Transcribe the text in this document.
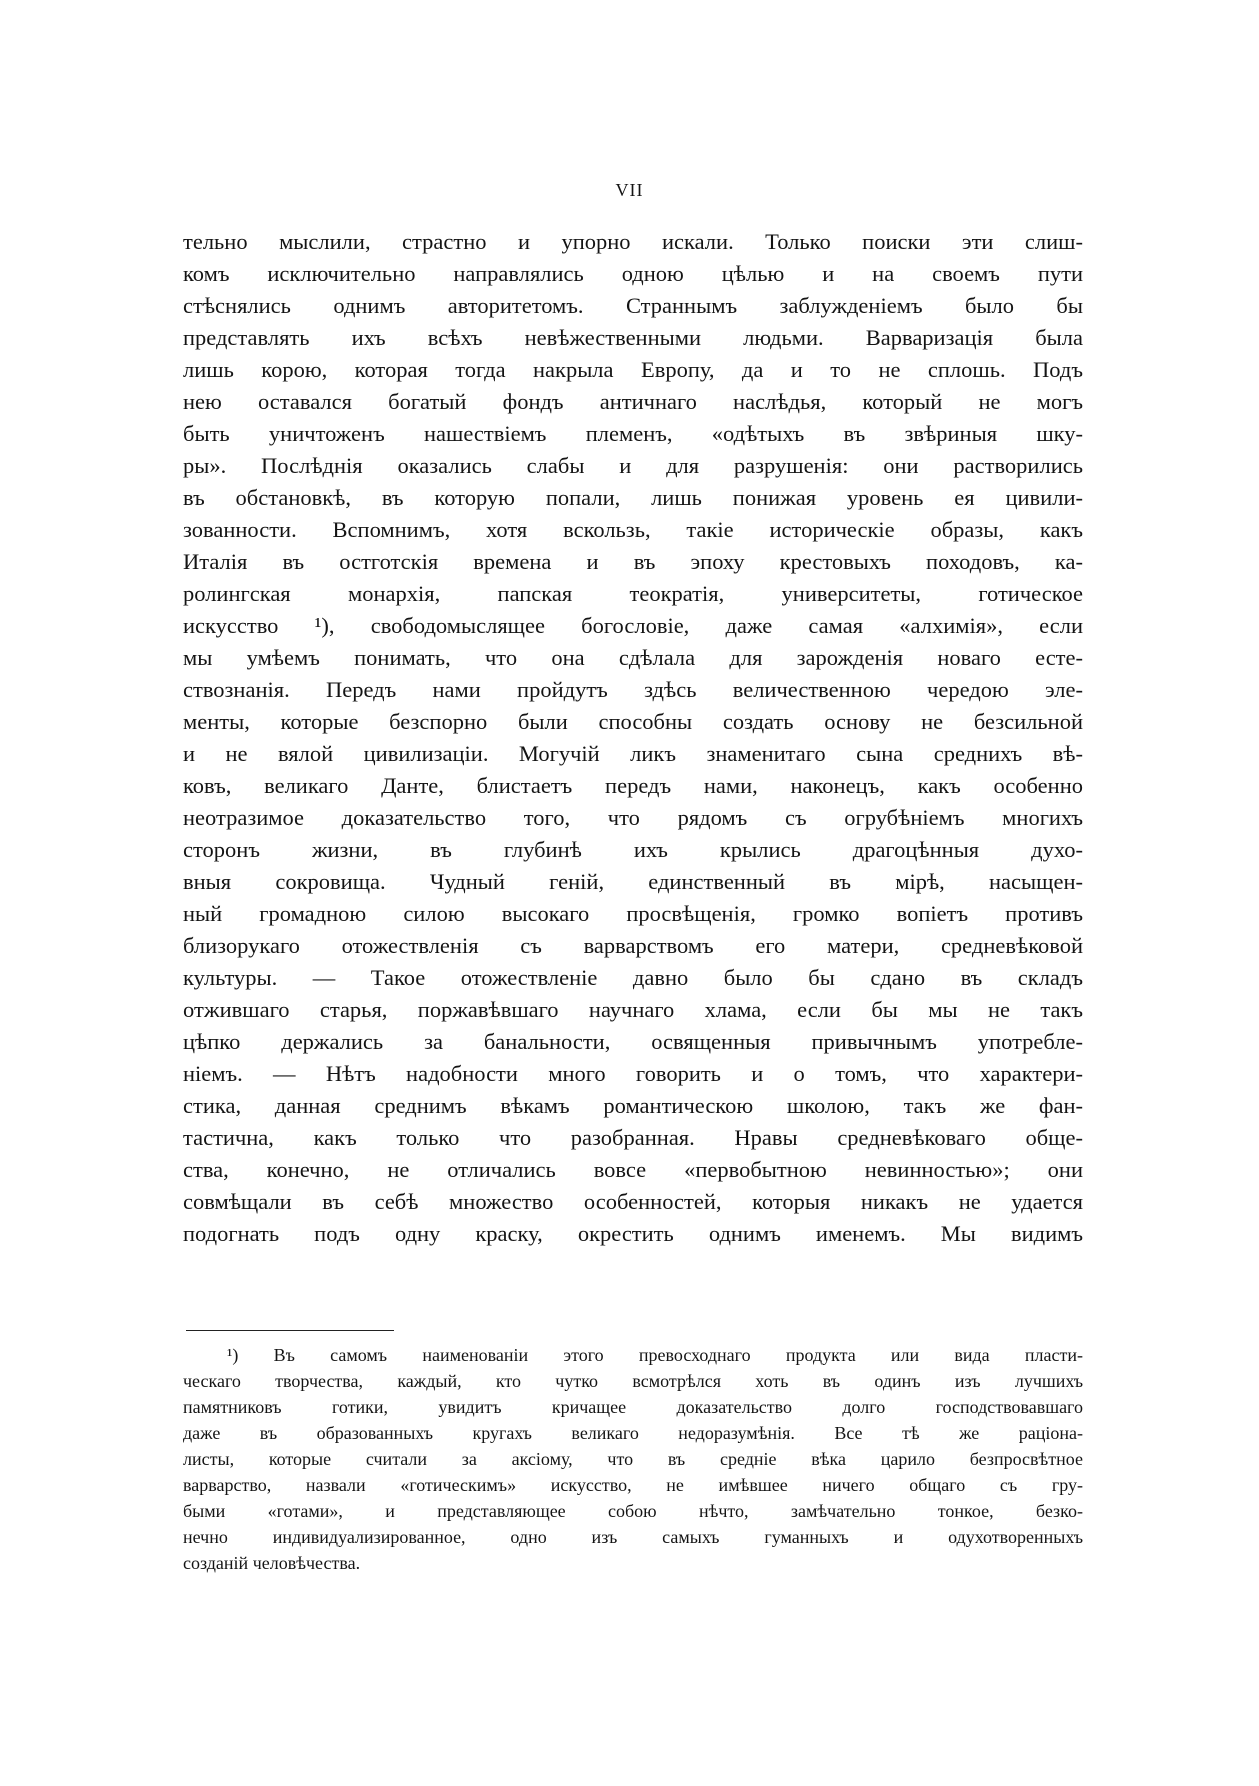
VII
тельно мыслили, страстно и упорно искали. Только поиски эти слиш-
комъ исключительно направлялись одною цѣлью и на своемъ пути
стѣснялись однимъ авторитетомъ. Страннымъ заблужденіемъ было бы
представлять ихъ всѣхъ невѣжественными людьми. Варваризація была
лишь корою, которая тогда накрыла Европу, да и то не сплошь. Подъ
нею оставался богатый фондъ античнаго наслѣдья, который не могъ
быть уничтоженъ нашествіемъ племенъ, «одѣтыхъ въ звѣриныя шку-
ры». Послѣднія оказались слабы и для разрушенія: они растворились
въ обстановкѣ, въ которую попали, лишь понижая уровень ея цивили-
зованности. Вспомнимъ, хотя вскользь, такіе историческіе образы, какъ
Италія въ остготскія времена и въ эпоху крестовыхъ походовъ, ка-
ролингская монархія, папская теократія, университеты, готическое
искусство ¹), свободомыслящее богословіе, даже самая «алхимія», если
мы умѣемъ понимать, что она сдѣлала для зарожденія новаго есте-
ствознанія. Передъ нами пройдутъ здѣсь величественною чередою эле-
менты, которые безспорно были способны создать основу не безсильной
и не вялой цивилизаціи. Могучій ликъ знаменитаго сына среднихъ вѣ-
ковъ, великаго Данте, блистаетъ передъ нами, наконецъ, какъ особенно
неотразимое доказательство того, что рядомъ съ огрубѣніемъ многихъ
сторонъ жизни, въ глубинѣ ихъ крылись драгоцѣнныя духо-
вныя сокровища. Чудный геній, единственный въ мірѣ, насыщен-
ный громадною силою высокаго просвѣщенія, громко вопіетъ противъ
близорукаго отожествленія съ варварствомъ его матери, средневѣковой
культуры. — Такое отожествленіе давно было бы сдано въ складъ
отжившаго старья, поржавѣвшаго научнаго хлама, если бы мы не такъ
цѣпко держались за банальности, освященныя привычнымъ употребле-
ніемъ. — Нѣтъ надобности много говорить и о томъ, что характери-
стика, данная среднимъ вѣкамъ романтическою школою, такъ же фан-
тастична, какъ только что разобранная. Нравы средневѣковаго обще-
ства, конечно, не отличались вовсе «первобытною невинностью»; они
совмѣщали въ себѣ множество особенностей, которыя никакъ не удается
подогнать подъ одну краску, окрестить однимъ именемъ. Мы видимъ
¹) Въ самомъ наименованіи этого превосходнаго продукта или вида пласти-
ческаго творчества, каждый, кто чутко всмотрѣлся хоть въ одинъ изъ лучшихъ
памятниковъ готики, увидитъ кричащее доказательство долго господствовавшаго
даже въ образованныхъ кругахъ великаго недоразумѣнія. Все тѣ же раціона-
листы, которые считали за аксіому, что въ средніе вѣка царило безпросвѣтное
варварство, назвали «готическимъ» искусство, не имѣвшее ничего общаго съ гру-
быми «готами», и представляющее собою нѣчто, замѣчательно тонкое, безко-
нечно индивидуализированное, одно изъ самыхъ гуманныхъ и одухотворенныхъ
созданій человѣчества.
